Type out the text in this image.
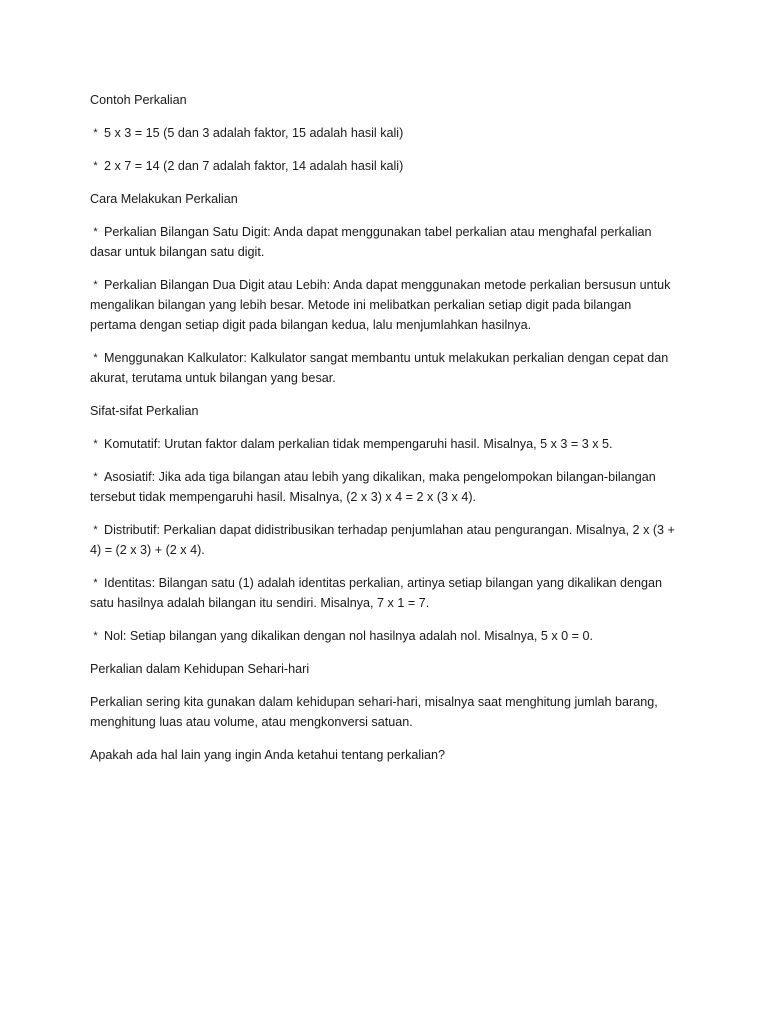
Contoh Perkalian
* 5 x 3 = 15 (5 dan 3 adalah faktor, 15 adalah hasil kali)
* 2 x 7 = 14 (2 dan 7 adalah faktor, 14 adalah hasil kali)
Cara Melakukan Perkalian
* Perkalian Bilangan Satu Digit: Anda dapat menggunakan tabel perkalian atau menghafal perkalian dasar untuk bilangan satu digit.
* Perkalian Bilangan Dua Digit atau Lebih: Anda dapat menggunakan metode perkalian bersusun untuk mengalikan bilangan yang lebih besar. Metode ini melibatkan perkalian setiap digit pada bilangan pertama dengan setiap digit pada bilangan kedua, lalu menjumlahkan hasilnya.
* Menggunakan Kalkulator: Kalkulator sangat membantu untuk melakukan perkalian dengan cepat dan akurat, terutama untuk bilangan yang besar.
Sifat-sifat Perkalian
* Komutatif: Urutan faktor dalam perkalian tidak mempengaruhi hasil. Misalnya, 5 x 3 = 3 x 5.
* Asosiatif: Jika ada tiga bilangan atau lebih yang dikalikan, maka pengelompokan bilangan-bilangan tersebut tidak mempengaruhi hasil. Misalnya, (2 x 3) x 4 = 2 x (3 x 4).
* Distributif: Perkalian dapat didistribusikan terhadap penjumlahan atau pengurangan. Misalnya, 2 x (3 + 4) = (2 x 3) + (2 x 4).
* Identitas: Bilangan satu (1) adalah identitas perkalian, artinya setiap bilangan yang dikalikan dengan satu hasilnya adalah bilangan itu sendiri. Misalnya, 7 x 1 = 7.
* Nol: Setiap bilangan yang dikalikan dengan nol hasilnya adalah nol. Misalnya, 5 x 0 = 0.
Perkalian dalam Kehidupan Sehari-hari
Perkalian sering kita gunakan dalam kehidupan sehari-hari, misalnya saat menghitung jumlah barang, menghitung luas atau volume, atau mengkonversi satuan.
Apakah ada hal lain yang ingin Anda ketahui tentang perkalian?
